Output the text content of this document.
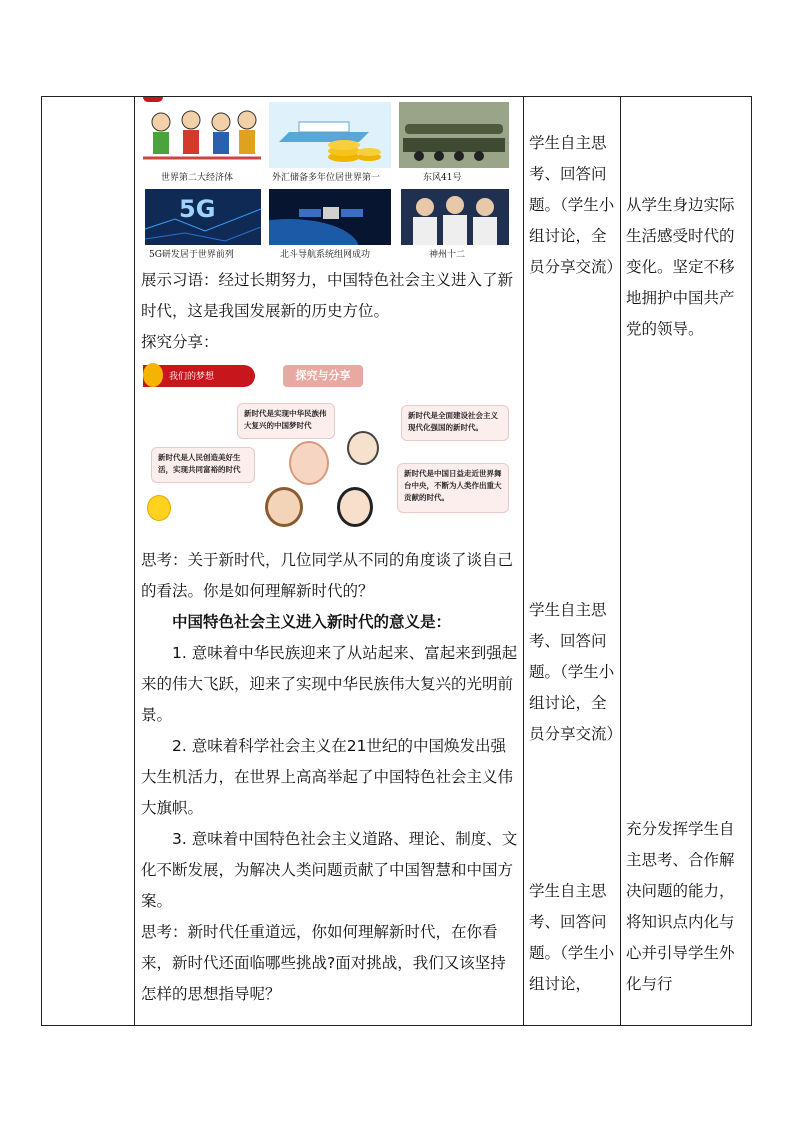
世界第二大经济体	外汇储备多年位居世界第一	东风41号
5G
5G研发居于世界前列	北斗导航系统组网成功	神州十二

展示习语：经过长期努力，中国特色社会主义进入了新时代，这是我国发展新的历史方位。

探究分享：

我们的梦想	探究与分享
新时代是实现中华民族伟大复兴的中国梦时代
新时代是全面建设社会主义现代化强国的新时代。
新时代是人民创造美好生活，实现共同富裕的时代	新时代是中国日益走近世界舞台中央，不断为人类作出重大贡献的时代。

思考：关于新时代，几位同学从不同的角度谈了谈自己的看法。你是如何理解新时代的？

中国特色社会主义进入新时代的意义是：

1. 意味着中华民族迎来了从站起来、富起来到强起来的伟大飞跃，迎来了实现中华民族伟大复兴的光明前景。

2. 意味着科学社会主义在21世纪的中国焕发出强大生机活力，在世界上高高举起了中国特色社会主义伟大旗帜。

3. 意味着中国特色社会主义道路、理论、制度、文化不断发展，为解决人类问题贡献了中国智慧和中国方案。

思考：新时代任重道远，你如何理解新时代，在你看来，新时代还面临哪些挑战?面对挑战，我们又该坚持怎样的思想指导呢？

学生自主思考、回答问题。（学生小组讨论，全员分享交流）
学生自主思考、回答问题。（学生小组讨论，全员分享交流）
学生自主思考、回答问题。（学生小组讨论，
从学生身边实际生活感受时代的变化。坚定不移地拥护中国共产党的领导。
充分发挥学生自主思考、合作解决问题的能力，将知识点内化与心并引导学生外化与行
